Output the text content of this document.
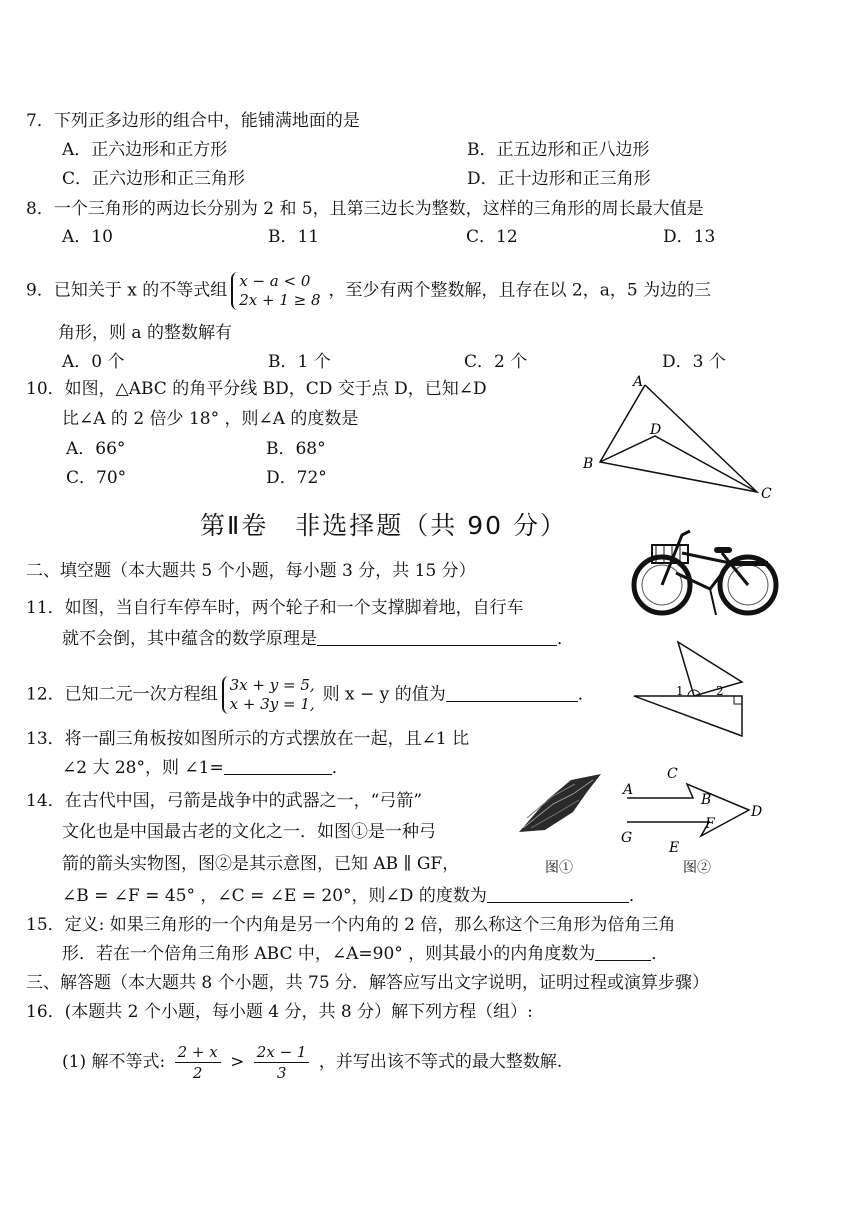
7．下列正多边形的组合中，能铺满地面的是
A．正六边形和正方形	B．正五边形和正八边形
C．正六边形和正三角形	D．正十边形和正三角形
8．一个三角形的两边长分别为 2 和 5，且第三边长为整数，这样的三角形的周长最大值是
A．10	B．11	C．12	D．13
9．已知关于 x 的不等式组 x − a < 0
2x + 1 ≥ 8 ，至少有两个整数解，且存在以 2，a，5 为边的三
角形，则 a 的整数解有
A．0 个	B．1 个	C．2 个	D．3 个
10．如图，△ABC 的角平分线 BD，CD 交于点 D，已知∠D
比∠A 的 2 倍少 18° ，则∠A 的度数是
A．66°	B．68°
C．70°	D．72°
A
B
C
D
第Ⅱ卷　非选择题（共 90 分）
二、填空题（本大题共 5 个小题，每小题 3 分，共 15 分）
11．如图，当自行车停车时，两个轮子和一个支撑脚着地，自行车
就不会倒，其中蕴含的数学原理是	．
12．已知二元一次方程组 3x + y = 5,
x + 3y = 1, 则 x − y 的值为	．	1	2
13．将一副三角板按如图所示的方式摆放在一起，且∠1 比
∠2 大 28°，则 ∠1=	．
14．在古代中国，弓箭是战争中的武器之一，“弓箭”
文化也是中国最古老的文化之一．如图①是一种弓
箭的箭头实物图，图②是其示意图，已知 AB ∥ GF，
∠B = ∠F = 45° ，∠C = ∠E = 20°，则∠D 的度数为	．
图①
A
B
C
D
E
F
G
图②
15．定义: 如果三角形的一个内角是另一个内角的 2 倍，那么称这个三角形为倍角三角
形．若在一个倍角三角形 ABC 中，∠A=90° ，则其最小的内角度数为	．
三、解答题（本大题共 8 个小题，共 75 分．解答应写出文字说明，证明过程或演算步骤）
16．(本题共 2 个小题，每小题 4 分，共 8 分）解下列方程（组）:
(1) 解不等式: $\frac{2 + x}{2} > \frac{2x - 1}{3}$ ，并写出该不等式的最大整数解.
